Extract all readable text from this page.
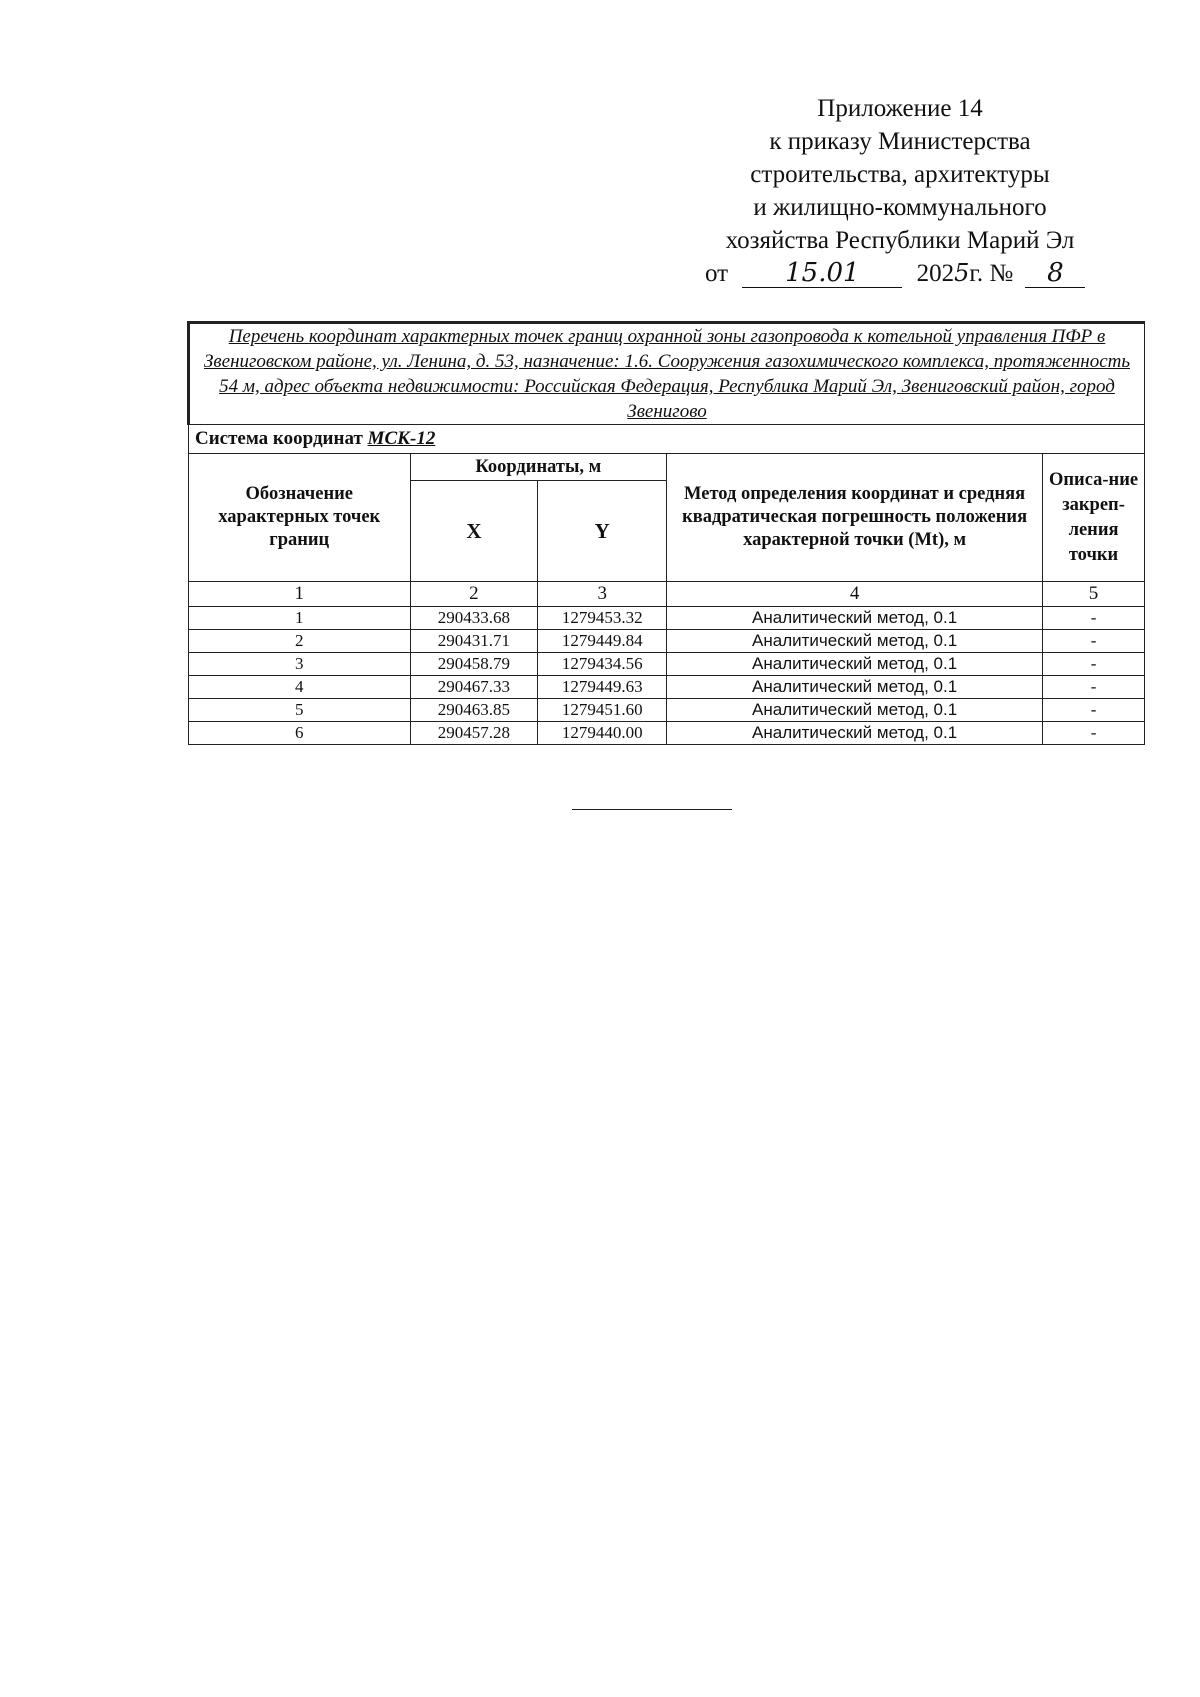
Приложение 14
к приказу Министерства
строительства, архитектуры
и жилищно-коммунального
хозяйства Республики Марий Эл
от 15.01 2025г. № 8
Перечень координат характерных точек границ охранной зоны газопровода к котельной управления ПФР в Звениговском районе, ул. Ленина, д. 53, назначение: 1.6. Сооружения газохимического комплекса, протяженность 54 м, адрес объекта недвижимости: Российская Федерация, Республика Марий Эл, Звениговский район, город Звенигово				
Система координат МСК-12				
Обозначение характерных точек границ	Координаты, м		Метод определения координат и средняя квадратическая погрешность положения характерной точки (Mt), м	Описа-ние закреп-ления точки
	X	Y		
1	2	3	4	5
1	290433.68	1279453.32	Аналитический метод, 0.1	-
2	290431.71	1279449.84	Аналитический метод, 0.1	-
3	290458.79	1279434.56	Аналитический метод, 0.1	-
4	290467.33	1279449.63	Аналитический метод, 0.1	-
5	290463.85	1279451.60	Аналитический метод, 0.1	-
6	290457.28	1279440.00	Аналитический метод, 0.1	-
